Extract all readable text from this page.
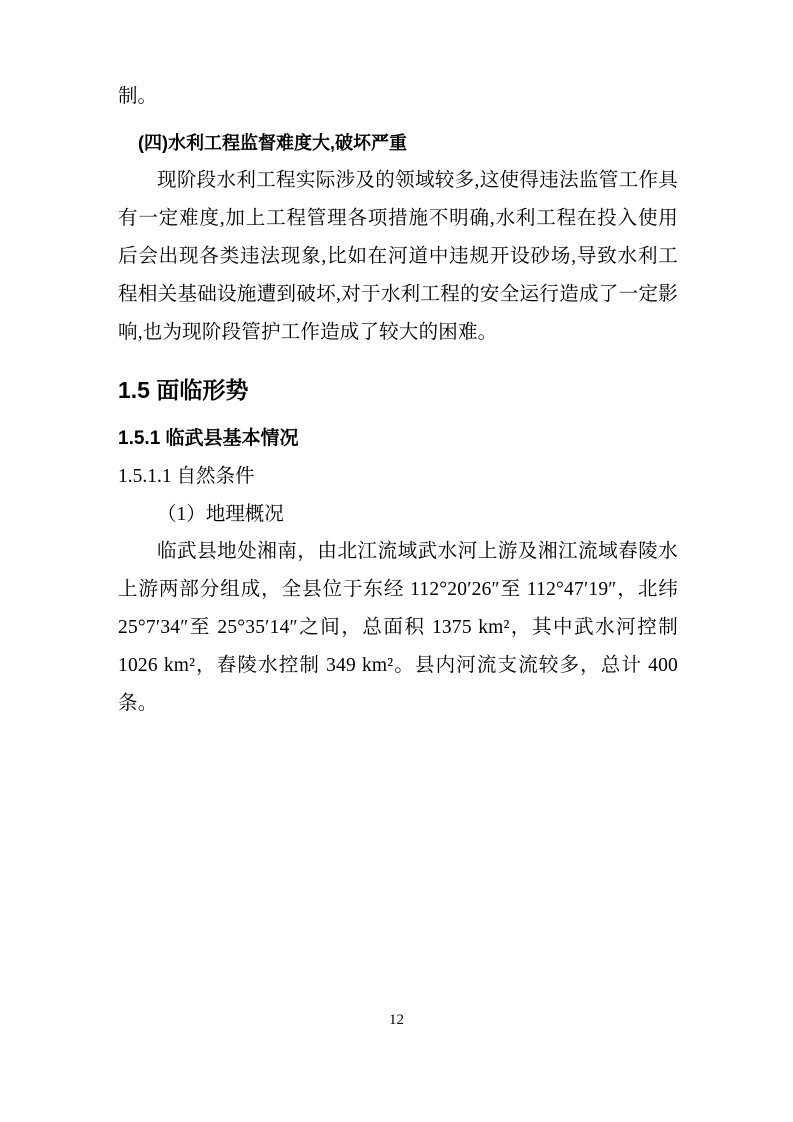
制。

(四)水利工程监督难度大,破坏严重

现阶段水利工程实际涉及的领域较多,这使得违法监管工作具有一定难度,加上工程管理各项措施不明确,水利工程在投入使用后会出现各类违法现象,比如在河道中违规开设砂场,导致水利工程相关基础设施遭到破坏,对于水利工程的安全运行造成了一定影响,也为现阶段管护工作造成了较大的困难。

1.5 面临形势

1.5.1 临武县基本情况

1.5.1.1 自然条件

（1）地理概况

临武县地处湘南，由北江流域武水河上游及湘江流域舂陵水上游两部分组成，全县位于东经 112°20′26″至 112°47′19″，北纬 25°7′34″至 25°35′14″之间，总面积 1375 km²，其中武水河控制 1026 km²，舂陵水控制 349 km²。县内河流支流较多，总计 400 条。

12
